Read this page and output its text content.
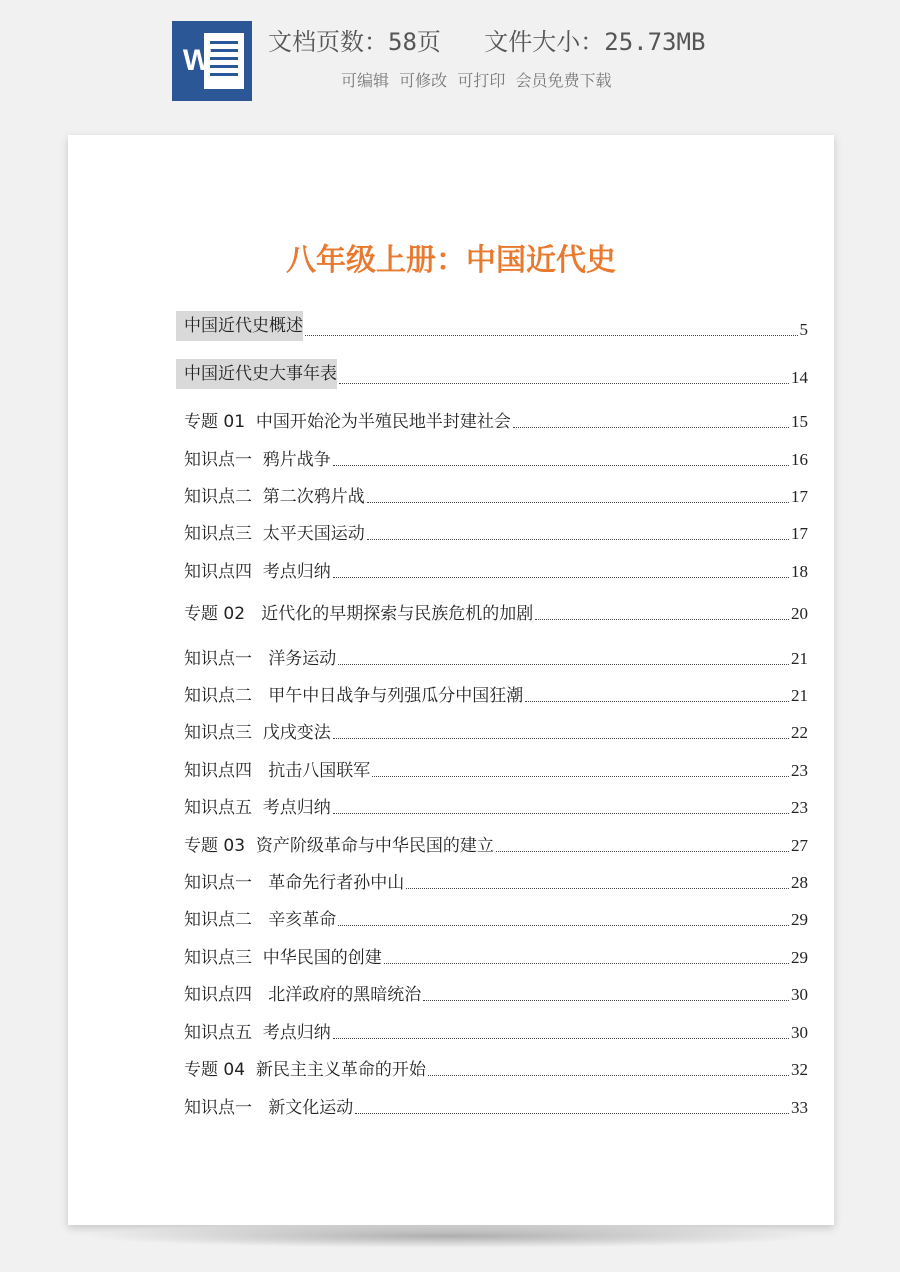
W
文档页数：58页   文件大小：25.73MB
可编辑  可修改  可打印  会员免费下载
八年级上册：中国近代史
中国近代史概述	5
中国近代史大事年表	14
专题 01  中国开始沦为半殖民地半封建社会	15
知识点一  鸦片战争	16
知识点二  第二次鸦片战	17
知识点三  太平天国运动	17
知识点四  考点归纳	18
专题 02   近代化的早期探索与民族危机的加剧	20
知识点一   洋务运动	21
知识点二   甲午中日战争与列强瓜分中国狂潮	21
知识点三  戊戌变法	22
知识点四   抗击八国联军	23
知识点五  考点归纳	23
专题 03  资产阶级革命与中华民国的建立	27
知识点一   革命先行者孙中山	28
知识点二   辛亥革命	29
知识点三  中华民国的创建	29
知识点四   北洋政府的黑暗统治	30
知识点五  考点归纳	30
专题 04  新民主主义革命的开始	32
知识点一   新文化运动	33
